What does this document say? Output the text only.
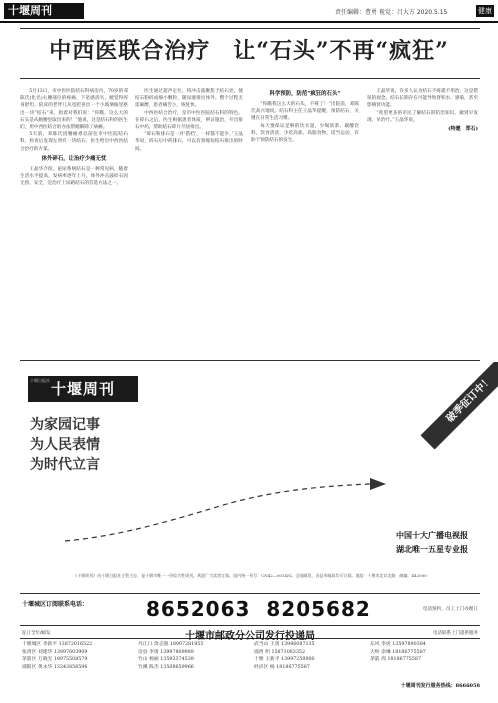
十堰周刊	责任编辑：曹勇 视觉：吕大方 2020.5.15	健康
中西医联合治疗　让“石头”不再“疯狂”

5月13日，市中医医院结石科病房内，70岁的邓陈氏(化名)右腰部位的疼痛、下坠感消失，她觉得浑身舒坦。陪床的老伴儿从宽慰喜出一个小玻璃瓶里抠出一块“结石”来，指着对我们说：“你瞧，这么大的石头是从她腰里取出来的！”他说，这是结石科的医生们，用中西医结合的办法帮她解除了病痛。

5天前，邓陈氏因腰痛难忍前往市中医院结石科，检查后发现左肾有一块结石，医生给出中西医结合治疗的方案。

体外碎石，让治疗少痛无忧

王晶华介绍，泌尿系统结石是一种常见病，随着生活水平提高，发病率逐年上升。体外冲击波碎石因无创、安全，是治疗上尿路结石的首选方法之一。

医生通过超声定位，将冲击波聚焦于结石处，使结石粉碎成细小颗粒，随尿液排出体外。整个过程无需麻醉，患者痛苦小，恢复快。

中西医结合治疗，是市中医医院结石科的特色。在碎石之后，医生根据患者体质，辨证施治，开出排石中药，帮助结石碎片尽快排出。

“碎石和排石是一对‘搭档’，一样都不能少。”王晶华说，碎石后中药排石，可以有效缩短结石排出的时间。

科学预防，防范“疯狂的石头”

“你瞧我这么大的石头，不疼了！”出院前，邓陈氏高兴地说。结石科主任王晶华提醒，预防结石，关键在日常生活习惯。

每天要保证足够的饮水量，少喝浓茶、碳酸饮料，饮食清淡，少吃高盐、高脂食物，适当运动，有助于预防结石的发生。

王晶华说，许多人认为结石不疼就不用治，这是错误的观念。结石长期存在可能导致肾积水、感染，甚至影响肾功能。

“希望更多的市民了解结石的防治知识，做到早发现、早治疗。”王晶华说。

(特邀　郑石)
十堰周刊
十堰日报社
为家园记事
为人民表情
为时代立言
破季征订中！
中国十大广播电视报
湖北唯一五星专业报
《十堰周刊》由十堰日报社主管主办，是十堰市唯一一份综合性周刊。欢迎广大读者订阅。国内统一刊号：CN42—0014/G。全国邮发，各县市邮局均可订阅。地址：十堰市北京北路　邮编：442000
十堰城区订阅联系电话：	8652063 8205682	电话预约，员工上门办理订
征订全年/邮发	十堰市邮政分公司发行投递局	电话联系上门提供服务
十堰城区 李新平 13872016522
张湾区 刘建华 13997603909
茅箭区 万晓光 18975508579
郧阳区 黄永华 13343856596
丹江口 余志强 18907281955
房县 李勇 13997809989
竹山 杨丽 13593374539
竹溪 陈杰 13508659966
武当山 王勇 13986087135
郧西 明 15871083352
十堰 王新平 13997258900
经济区 杨 18186775587
东风 李虎 13597890384
大岭 余琳 18186775587
茅箭 周 18186775587
十堰周刊发行服务热线：8666058
